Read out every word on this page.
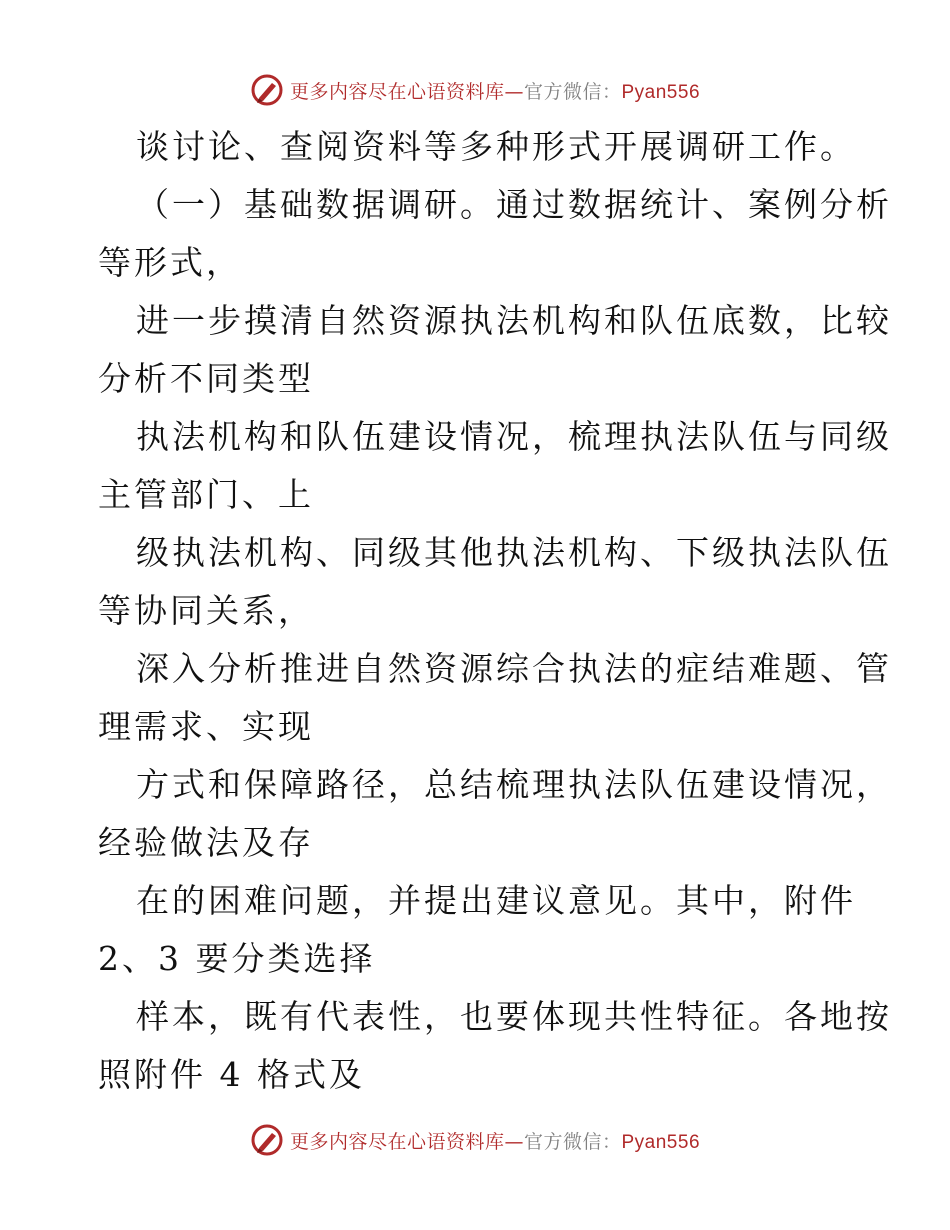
更多内容尽在心语资料库—官方微信：Pyan556
谈讨论、查阅资料等多种形式开展调研工作。
（一）基础数据调研。通过数据统计、案例分析
等形式，
进一步摸清自然资源执法机构和队伍底数，比较
分析不同类型
执法机构和队伍建设情况，梳理执法队伍与同级
主管部门、上
级执法机构、同级其他执法机构、下级执法队伍
等协同关系，
深入分析推进自然资源综合执法的症结难题、管
理需求、实现
方式和保障路径，总结梳理执法队伍建设情况，
经验做法及存
在的困难问题，并提出建议意见。其中，附件
2、3 要分类选择
样本，既有代表性，也要体现共性特征。各地按
照附件 4 格式及
更多内容尽在心语资料库—官方微信：Pyan556
